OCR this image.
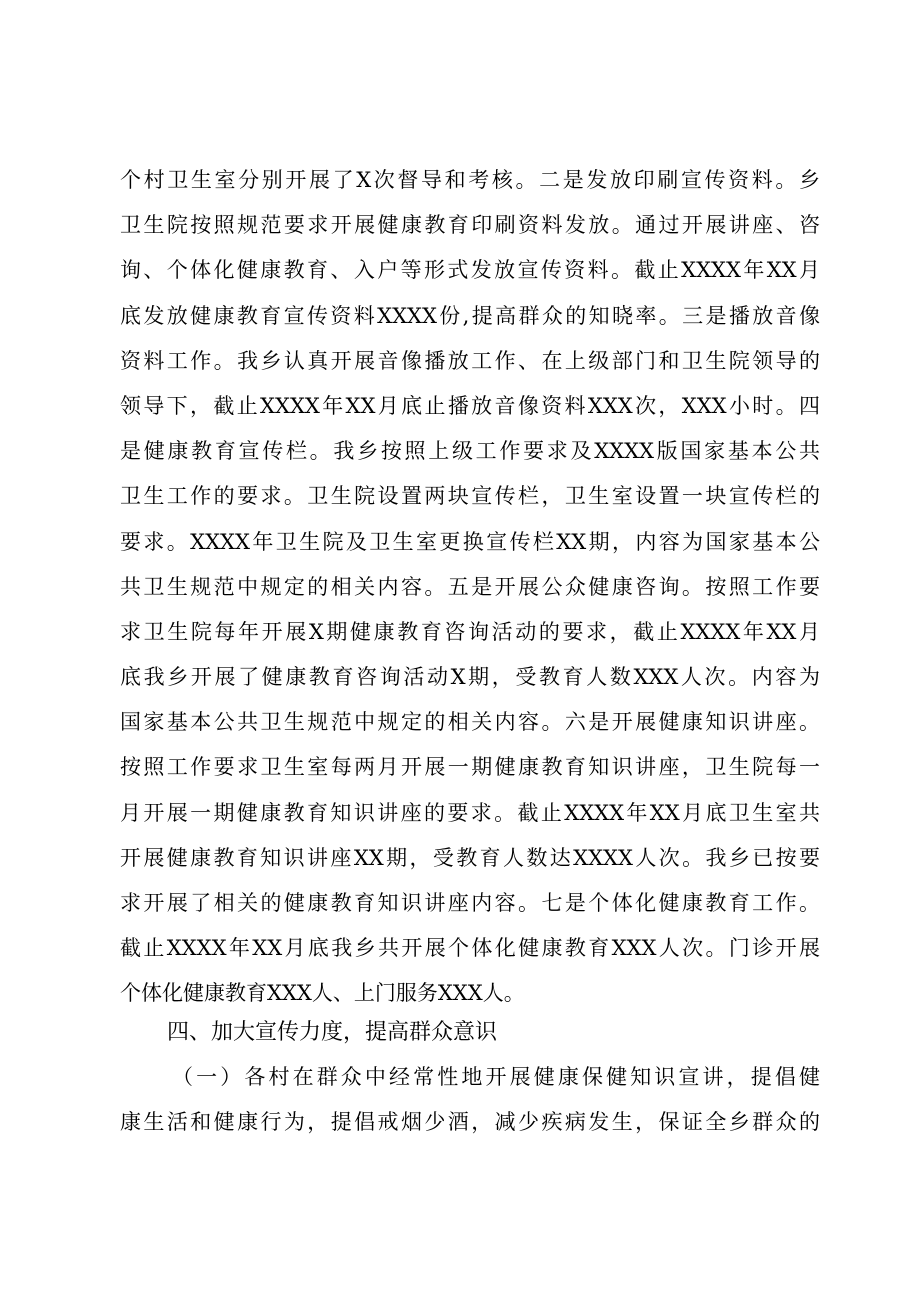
个村卫生室分别开展了X次督导和考核。二是发放印刷宣传资料。乡
卫生院按照规范要求开展健康教育印刷资料发放。通过开展讲座、咨
询、个体化健康教育、入户等形式发放宣传资料。截止XXXX年XX月
底发放健康教育宣传资料XXXX份,提高群众的知晓率。三是播放音像
资料工作。我乡认真开展音像播放工作、在上级部门和卫生院领导的
领导下，截止XXXX年XX月底止播放音像资料XXX次，XXX小时。四
是健康教育宣传栏。我乡按照上级工作要求及XXXX版国家基本公共
卫生工作的要求。卫生院设置两块宣传栏，卫生室设置一块宣传栏的
要求。XXXX年卫生院及卫生室更换宣传栏XX期，内容为国家基本公
共卫生规范中规定的相关内容。五是开展公众健康咨询。按照工作要
求卫生院每年开展X期健康教育咨询活动的要求，截止XXXX年XX月
底我乡开展了健康教育咨询活动X期，受教育人数XXX人次。内容为
国家基本公共卫生规范中规定的相关内容。六是开展健康知识讲座。
按照工作要求卫生室每两月开展一期健康教育知识讲座，卫生院每一
月开展一期健康教育知识讲座的要求。截止XXXX年XX月底卫生室共
开展健康教育知识讲座XX期，受教育人数达XXXX人次。我乡已按要
求开展了相关的健康教育知识讲座内容。七是个体化健康教育工作。
截止XXXX年XX月底我乡共开展个体化健康教育XXX人次。门诊开展
个体化健康教育XXX人、上门服务XXX人。
四、加大宣传力度，提高群众意识
（一）各村在群众中经常性地开展健康保健知识宣讲，提倡健
康生活和健康行为，提倡戒烟少酒，减少疾病发生，保证全乡群众的
